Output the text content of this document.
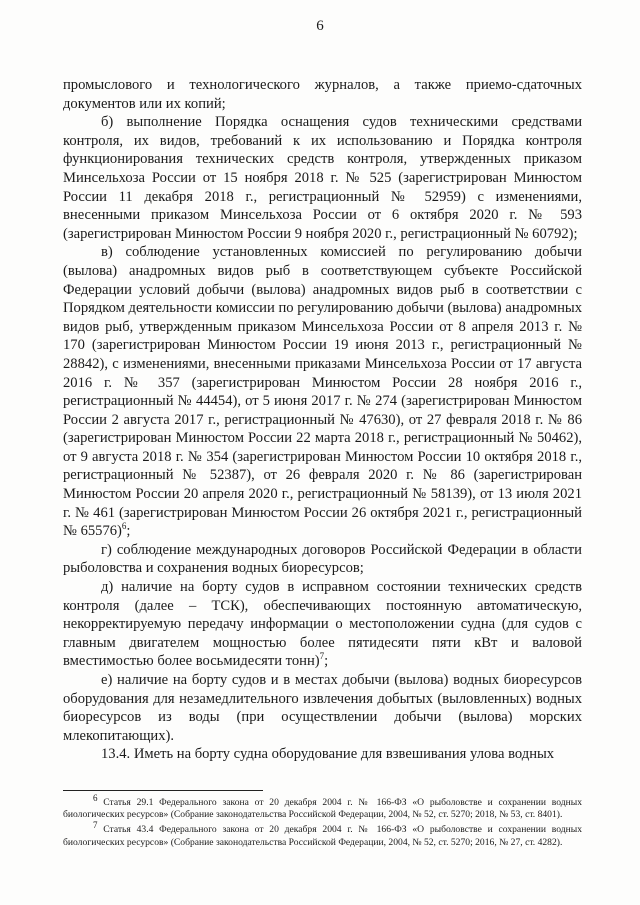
6

промыслового и технологического журналов, а также приемо-сдаточных документов или их копий;

б) выполнение Порядка оснащения судов техническими средствами контроля, их видов, требований к их использованию и Порядка контроля функционирования технических средств контроля, утвержденных приказом Минсельхоза России от 15 ноября 2018 г. № 525 (зарегистрирован Минюстом России 11 декабря 2018 г., регистрационный № 52959) с изменениями, внесенными приказом Минсельхоза России от 6 октября 2020 г. № 593 (зарегистрирован Минюстом России 9 ноября 2020 г., регистрационный № 60792);

в) соблюдение установленных комиссией по регулированию добычи (вылова) анадромных видов рыб в соответствующем субъекте Российской Федерации условий добычи (вылова) анадромных видов рыб в соответствии с Порядком деятельности комиссии по регулированию добычи (вылова) анадромных видов рыб, утвержденным приказом Минсельхоза России от 8 апреля 2013 г. № 170 (зарегистрирован Минюстом России 19 июня 2013 г., регистрационный № 28842), с изменениями, внесенными приказами Минсельхоза России от 17 августа 2016 г. № 357 (зарегистрирован Минюстом России 28 ноября 2016 г., регистрационный № 44454), от 5 июня 2017 г. № 274 (зарегистрирован Минюстом России 2 августа 2017 г., регистрационный № 47630), от 27 февраля 2018 г. № 86 (зарегистрирован Минюстом России 22 марта 2018 г., регистрационный № 50462), от 9 августа 2018 г. № 354 (зарегистрирован Минюстом России 10 октября 2018 г., регистрационный № 52387), от 26 февраля 2020 г. № 86 (зарегистрирован Минюстом России 20 апреля 2020 г., регистрационный № 58139), от 13 июля 2021 г. № 461 (зарегистрирован Минюстом России 26 октября 2021 г., регистрационный № 65576)$^6$;

г) соблюдение международных договоров Российской Федерации в области рыболовства и сохранения водных биоресурсов;

д) наличие на борту судов в исправном состоянии технических средств контроля (далее – ТСК), обеспечивающих постоянную автоматическую, некорректируемую передачу информации о местоположении судна (для судов с главным двигателем мощностью более пятидесяти пяти кВт и валовой вместимостью более восьмидесяти тонн)$^7$;

е) наличие на борту судов и в местах добычи (вылова) водных биоресурсов оборудования для незамедлительного извлечения добытых (выловленных) водных биоресурсов из воды (при осуществлении добычи (вылова) морских млекопитающих).

13.4. Иметь на борту судна оборудование для взвешивания улова водных

$^6$ Статья 29.1 Федерального закона от 20 декабря 2004 г. № 166-ФЗ «О рыболовстве и сохранении водных биологических ресурсов» (Собрание законодательства Российской Федерации, 2004, № 52, ст. 5270; 2018, № 53, ст. 8401).

$^7$ Статья 43.4 Федерального закона от 20 декабря 2004 г. № 166-ФЗ «О рыболовстве и сохранении водных биологических ресурсов» (Собрание законодательства Российской Федерации, 2004, № 52, ст. 5270; 2016, № 27, ст. 4282).
